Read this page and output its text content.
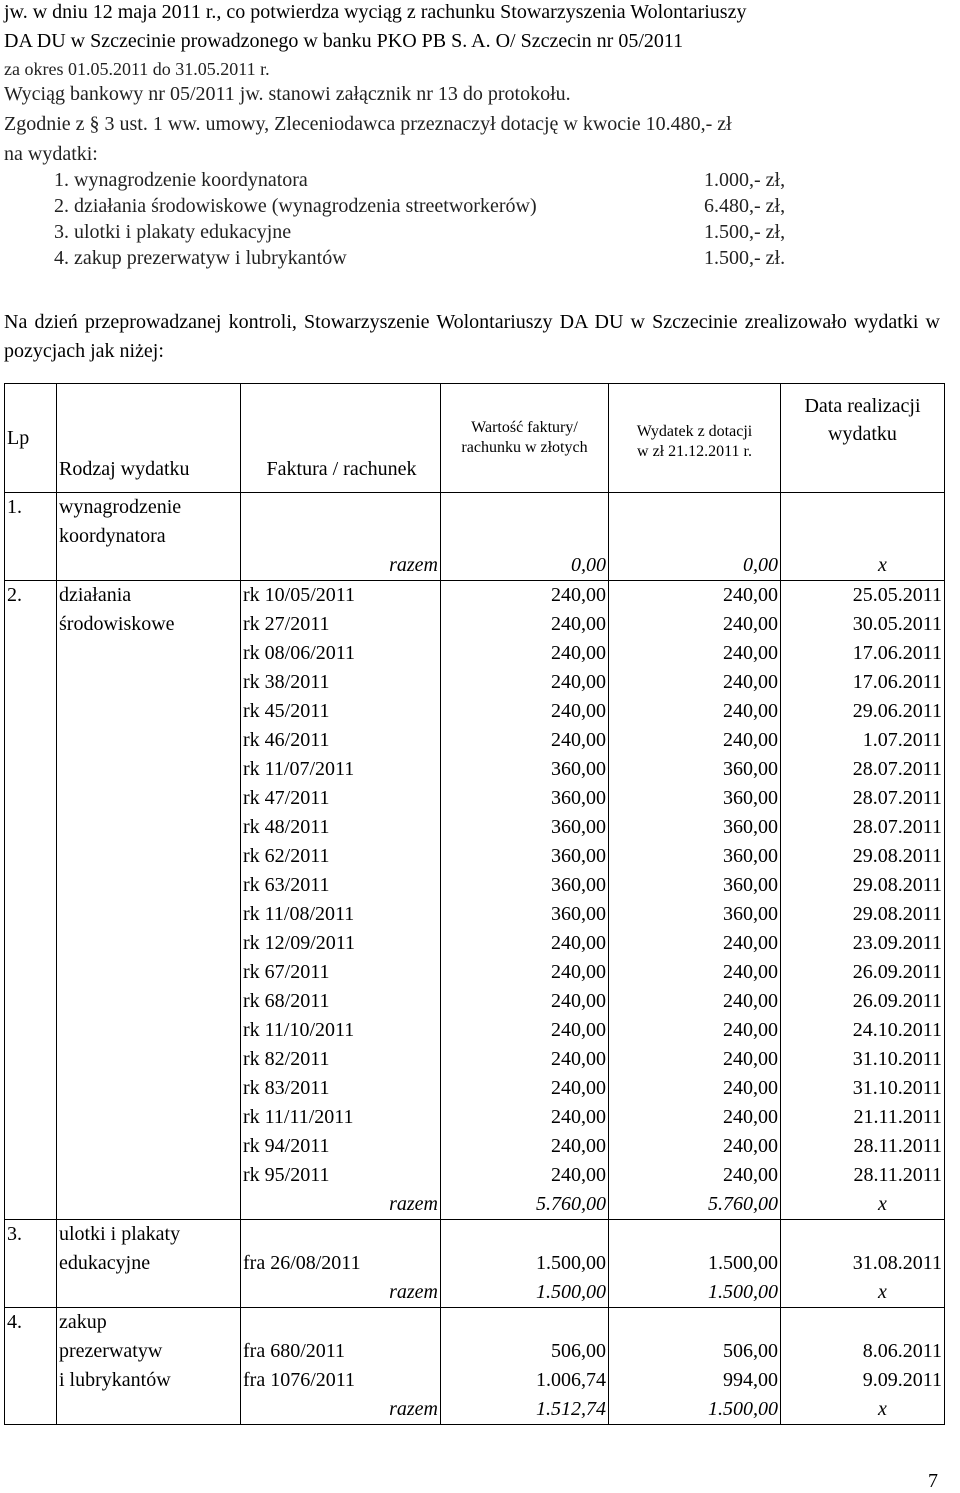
jw. w dniu 12 maja 2011 r., co potwierdza wyciąg z rachunku Stowarzyszenia Wolontariuszy
DA DU w Szczecinie prowadzonego w banku PKO PB S. A. O/ Szczecin nr 05/2011
za okres 01.05.2011 do 31.05.2011 r.
Wyciąg bankowy nr 05/2011 jw. stanowi załącznik nr 13 do protokołu.
Zgodnie z § 3 ust. 1 ww. umowy, Zleceniodawca przeznaczył dotację w kwocie 10.480,- zł
na wydatki:
1. wynagrodzenie koordynatora	1.000,- zł,
2. działania środowiskowe (wynagrodzenia streetworkerów)	6.480,- zł,
3. ulotki i plakaty edukacyjne	1.500,- zł,
4. zakup prezerwatyw i lubrykantów	1.500,- zł.
Na dzień przeprowadzanej kontroli, Stowarzyszenie Wolontariuszy DA DU w Szczecinie zrealizowało wydatki w pozycjach jak niżej:
Lp	Rodzaj wydatku	Faktura / rachunek	Wartość faktury/ rachunku w złotych	Wydatek z dotacji w zł 21.12.2011 r.	Data realizacji wydatku
1.	wynagrodzenie				
	koordynatora				
		razem	0,00	0,00	x
2.	działania	rk 10/05/2011	240,00	240,00	25.05.2011
	środowiskowe	rk 27/2011	240,00	240,00	30.05.2011
		rk 08/06/2011	240,00	240,00	17.06.2011
		rk 38/2011	240,00	240,00	17.06.2011
		rk 45/2011	240,00	240,00	29.06.2011
		rk 46/2011	240,00	240,00	1.07.2011
		rk 11/07/2011	360,00	360,00	28.07.2011
		rk 47/2011	360,00	360,00	28.07.2011
		rk 48/2011	360,00	360,00	28.07.2011
		rk 62/2011	360,00	360,00	29.08.2011
		rk 63/2011	360,00	360,00	29.08.2011
		rk 11/08/2011	360,00	360,00	29.08.2011
		rk 12/09/2011	240,00	240,00	23.09.2011
		rk 67/2011	240,00	240,00	26.09.2011
		rk 68/2011	240,00	240,00	26.09.2011
		rk 11/10/2011	240,00	240,00	24.10.2011
		rk 82/2011	240,00	240,00	31.10.2011
		rk 83/2011	240,00	240,00	31.10.2011
		rk 11/11/2011	240,00	240,00	21.11.2011
		rk 94/2011	240,00	240,00	28.11.2011
		rk 95/2011	240,00	240,00	28.11.2011
		razem	5.760,00	5.760,00	x
3.	ulotki i plakaty				
	edukacyjne	fra 26/08/2011	1.500,00	1.500,00	31.08.2011
		razem	1.500,00	1.500,00	x
4.	zakup				
	prezerwatyw	fra 680/2011	506,00	506,00	8.06.2011
	i lubrykantów	fra 1076/2011	1.006,74	994,00	9.09.2011
		razem	1.512,74	1.500,00	x
7
